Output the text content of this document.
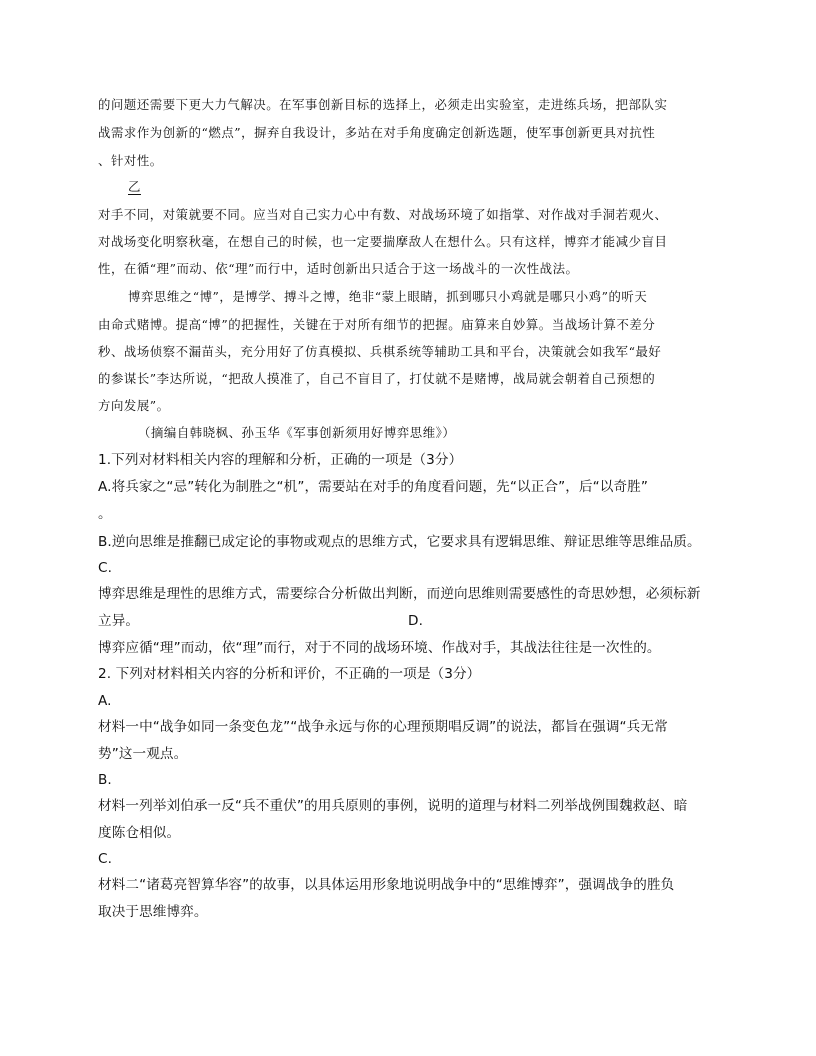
的问题还需要下更大力气解决。在军事创新目标的选择上，必须走出实验室，走进练兵场，把部队实
战需求作为创新的“燃点”，摒弃自我设计，多站在对手角度确定创新选题，使军事创新更具对抗性
、针对性。
乙
对手不同，对策就要不同。应当对自己实力心中有数、对战场环境了如指掌、对作战对手洞若观火、
对战场变化明察秋毫，在想自己的时候，也一定要揣摩敌人在想什么。只有这样，博弈才能减少盲目
性，在循“理”而动、依“理”而行中，适时创新出只适合于这一场战斗的一次性战法。
博弈思维之“博”，是博学、搏斗之博，绝非“蒙上眼睛，抓到哪只小鸡就是哪只小鸡”的听天
由命式赌博。提高“博”的把握性，关键在于对所有细节的把握。庙算来自妙算。当战场计算不差分
秒、战场侦察不漏苗头，充分用好了仿真模拟、兵棋系统等辅助工具和平台，决策就会如我军“最好
的参谋长”李达所说，“把敌人摸准了，自己不盲目了，打仗就不是赌博，战局就会朝着自己预想的
方向发展”。
（摘编自韩晓枫、孙玉华《军事创新须用好博弈思维》）
1.下列对材料相关内容的理解和分析，正确的一项是（3分）
A.将兵家之“忌”转化为制胜之“机”，需要站在对手的角度看问题，先“以正合”，后“以奇胜”
。
B.逆向思维是推翻已成定论的事物或观点的思维方式，它要求具有逻辑思维、辩证思维等思维品质。
C.
博弈思维是理性的思维方式，需要综合分析做出判断，而逆向思维则需要感性的奇思妙想，必须标新
立异。	D.
博弈应循“理”而动，依“理”而行，对于不同的战场环境、作战对手，其战法往往是一次性的。
2. 下列对材料相关内容的分析和评价，不正确的一项是（3分）
A.
材料一中“战争如同一条变色龙”“战争永远与你的心理预期唱反调”的说法，都旨在强调“兵无常
势”这一观点。
B.
材料一列举刘伯承一反“兵不重伏”的用兵原则的事例，说明的道理与材料二列举战例围魏救赵、暗
度陈仓相似。
C.
材料二“诸葛亮智算华容”的故事，以具体运用形象地说明战争中的“思维博弈”，强调战争的胜负
取决于思维博弈。
